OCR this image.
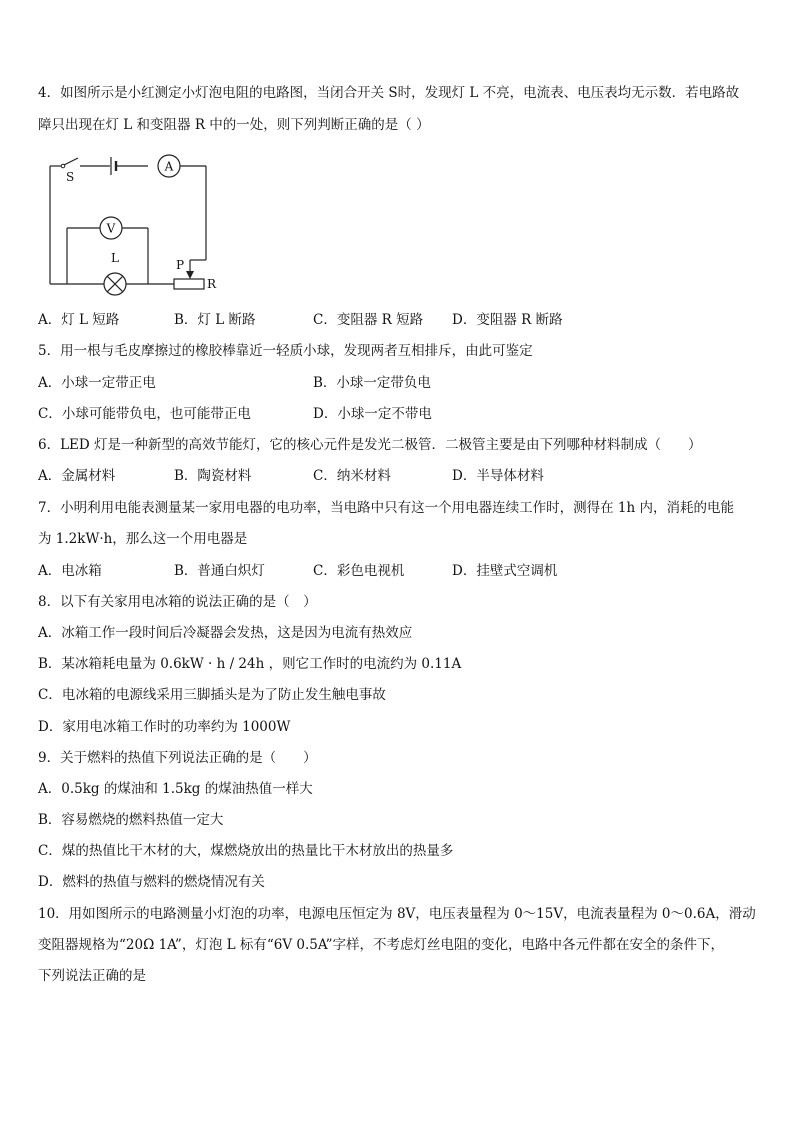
4．如图所示是小红测定小灯泡电阻的电路图，当闭合开关 S时，发现灯 L 不亮，电流表、电压表均无示数．若电路故
障只出现在灯 L 和变阻器 R 中的一处，则下列判断正确的是（ ）
A
V
S
L	P
R
A．灯 L 短路	B．灯 L 断路	C．变阻器 R 短路 D．变阻器 R 断路
5．用一根与毛皮摩擦过的橡胶棒靠近一轻质小球，发现两者互相排斥，由此可鉴定
A．小球一定带正电	B．小球一定带负电
C．小球可能带负电，也可能带正电	D．小球一定不带电
6．LED 灯是一种新型的高效节能灯，它的核心元件是发光二极管．二极管主要是由下列哪种材料制成（　　）
A．金属材料	B．陶瓷材料	C．纳米材料	D．半导体材料
7．小明利用电能表测量某一家用电器的电功率，当电路中只有这一个用电器连续工作时，测得在 1h 内，消耗的电能
为 1.2kW·h，那么这一个用电器是
A．电冰箱	B．普通白炽灯	C．彩色电视机	D．挂壁式空调机
8．以下有关家用电冰箱的说法正确的是（　）
A．冰箱工作一段时间后冷凝器会发热，这是因为电流有热效应
B．某冰箱耗电量为 0.6kW · h / 24h ，则它工作时的电流约为 0.11A
C．电冰箱的电源线采用三脚插头是为了防止发生触电事故
D．家用电冰箱工作时的功率约为 1000W
9．关于燃料的热值下列说法正确的是（　　）
A．0.5kg 的煤油和 1.5kg 的煤油热值一样大
B．容易燃烧的燃料热值一定大
C．煤的热值比干木材的大，煤燃烧放出的热量比干木材放出的热量多
D．燃料的热值与燃料的燃烧情况有关
10．用如图所示的电路测量小灯泡的功率，电源电压恒定为 8V，电压表量程为 0～15V，电流表量程为 0～0.6A，滑动
变阻器规格为“20Ω 1A”，灯泡 L 标有“6V 0.5A”字样，不考虑灯丝电阻的变化，电路中各元件都在安全的条件下，
下列说法正确的是
